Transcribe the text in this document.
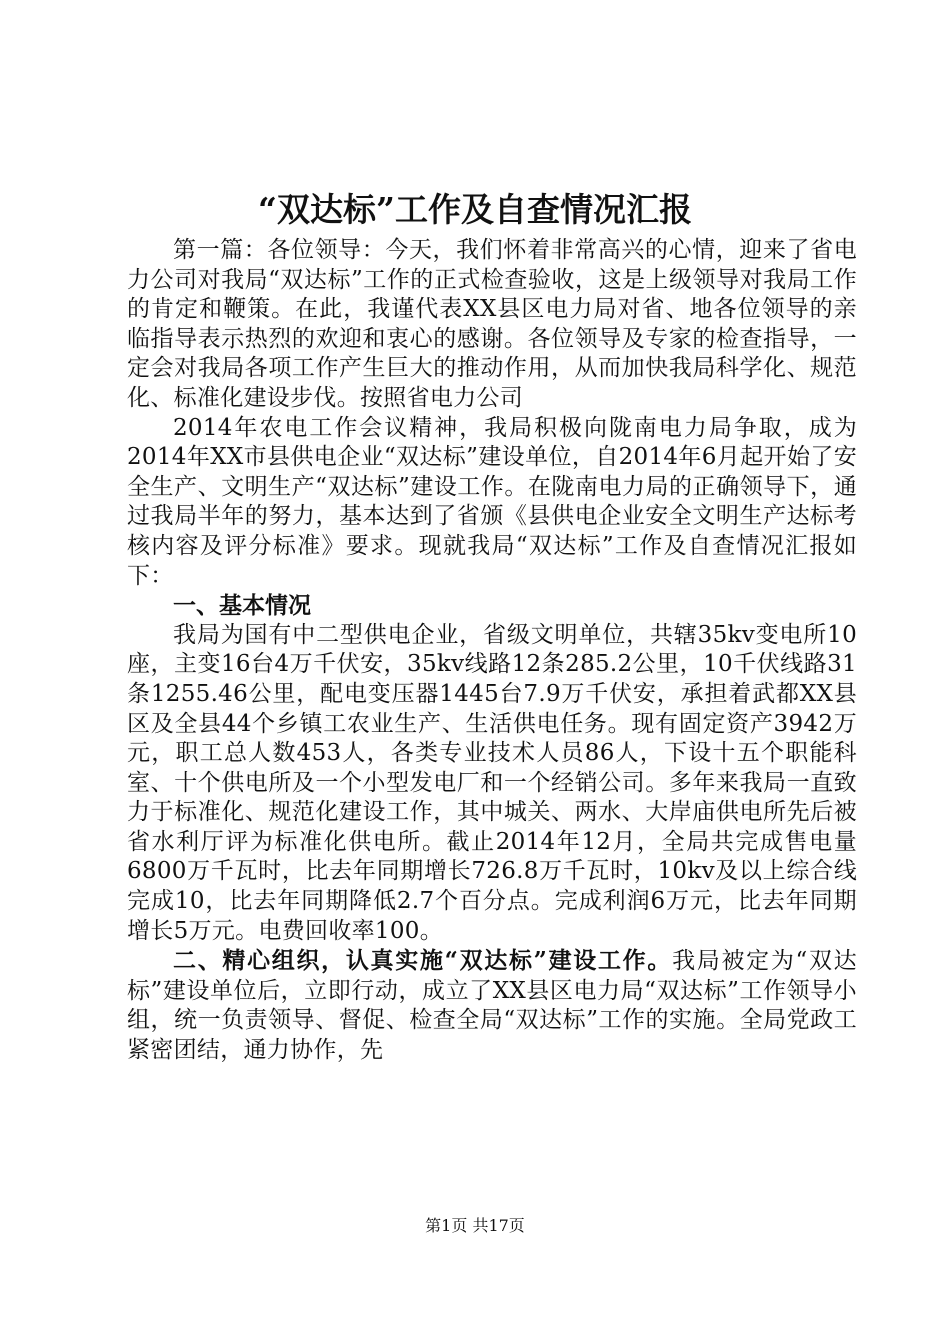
“双达标”工作及自查情况汇报

第一篇：各位领导：今天，我们怀着非常高兴的心情，迎来了省电力公司对我局“双达标”工作的正式检查验收，这是上级领导对我局工作的肯定和鞭策。在此，我谨代表XX县区电力局对省、地各位领导的亲临指导表示热烈的欢迎和衷心的感谢。各位领导及专家的检查指导，一定会对我局各项工作产生巨大的推动作用，从而加快我局科学化、规范化、标准化建设步伐。按照省电力公司

2014年农电工作会议精神，我局积极向陇南电力局争取，成为2014年XX市县供电企业“双达标”建设单位，自2014年6月起开始了安全生产、文明生产“双达标”建设工作。在陇南电力局的正确领导下，通过我局半年的努力，基本达到了省颁《县供电企业安全文明生产达标考核内容及评分标准》要求。现就我局“双达标”工作及自查情况汇报如下：

一、基本情况

我局为国有中二型供电企业，省级文明单位，共辖35kv变电所10座，主变16台4万千伏安，35kv线路12条285.2公里，10千伏线路31条1255.46公里，配电变压器1445台7.9万千伏安，承担着武都XX县区及全县44个乡镇工农业生产、生活供电任务。现有固定资产3942万元，职工总人数453人，各类专业技术人员86人，下设十五个职能科室、十个供电所及一个小型发电厂和一个经销公司。多年来我局一直致力于标准化、规范化建设工作，其中城关、两水、大岸庙供电所先后被省水利厅评为标准化供电所。截止2014年12月，全局共完成售电量6800万千瓦时，比去年同期增长726.8万千瓦时，10kv及以上综合线完成10，比去年同期降低2.7个百分点。完成利润6万元，比去年同期增长5万元。电费回收率100。

二、精心组织，认真实施“双达标”建设工作。我局被定为“双达标”建设单位后，立即行动，成立了XX县区电力局“双达标”工作领导小组，统一负责领导、督促、检查全局“双达标”工作的实施。全局党政工紧密团结，通力协作，先

第1页 共17页
